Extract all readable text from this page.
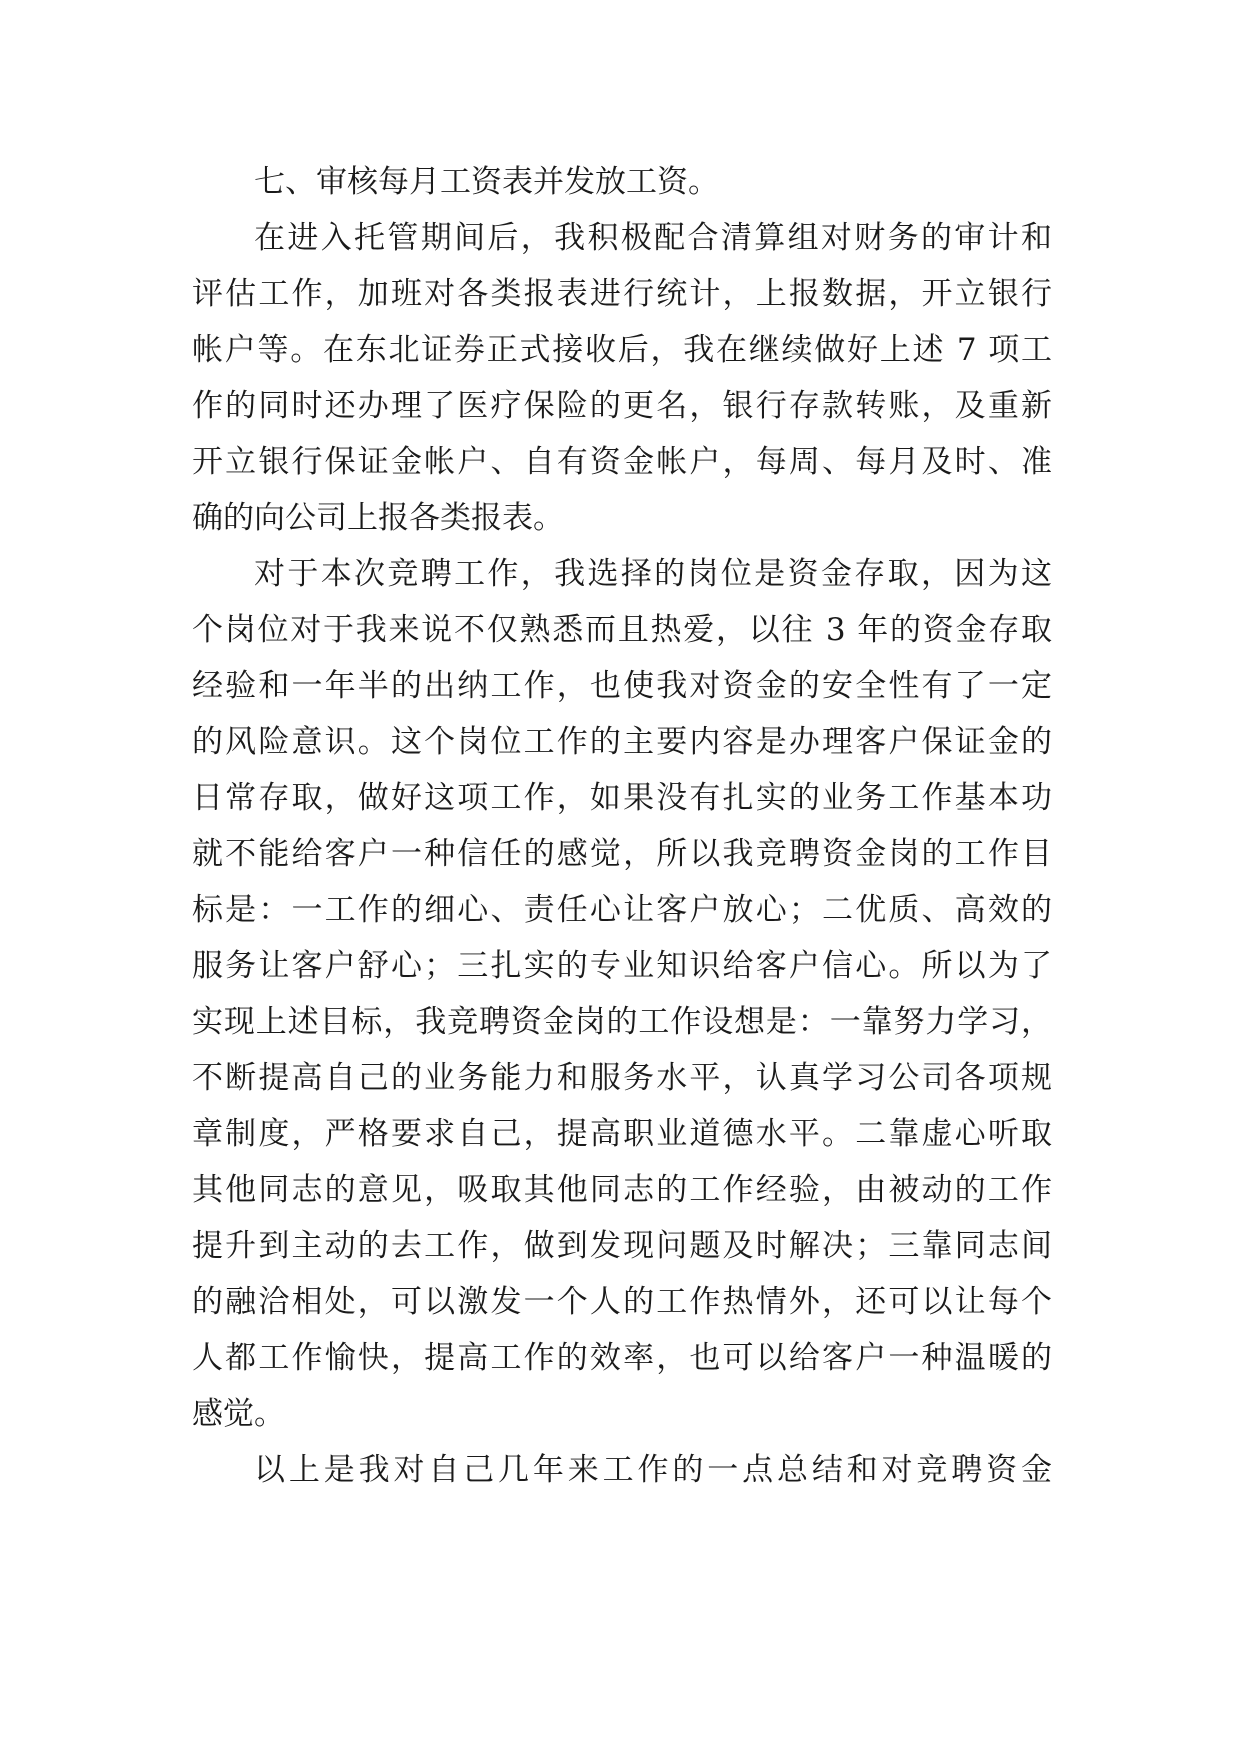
七、审核每月工资表并发放工资。
在进入托管期间后，我积极配合清算组对财务的审计和
评估工作，加班对各类报表进行统计，上报数据，开立银行
帐户等。在东北证券正式接收后，我在继续做好上述 7 项工
作的同时还办理了医疗保险的更名，银行存款转账，及重新
开立银行保证金帐户、自有资金帐户，每周、每月及时、准
确的向公司上报各类报表。
对于本次竞聘工作，我选择的岗位是资金存取，因为这
个岗位对于我来说不仅熟悉而且热爱，以往 3 年的资金存取
经验和一年半的出纳工作，也使我对资金的安全性有了一定
的风险意识。这个岗位工作的主要内容是办理客户保证金的
日常存取，做好这项工作，如果没有扎实的业务工作基本功
就不能给客户一种信任的感觉，所以我竞聘资金岗的工作目
标是：一工作的细心、责任心让客户放心；二优质、高效的
服务让客户舒心；三扎实的专业知识给客户信心。所以为了
实现上述目标，我竞聘资金岗的工作设想是：一靠努力学习，
不断提高自己的业务能力和服务水平，认真学习公司各项规
章制度，严格要求自己，提高职业道德水平。二靠虚心听取
其他同志的意见，吸取其他同志的工作经验，由被动的工作
提升到主动的去工作，做到发现问题及时解决；三靠同志间
的融洽相处，可以激发一个人的工作热情外，还可以让每个
人都工作愉快，提高工作的效率，也可以给客户一种温暖的
感觉。
以上是我对自己几年来工作的一点总结和对竞聘资金
